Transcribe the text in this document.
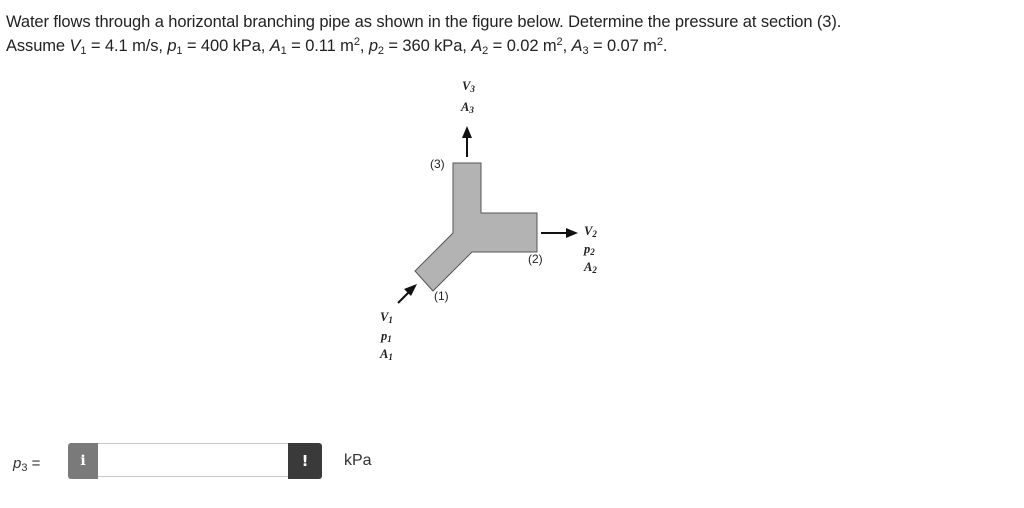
Water flows through a horizontal branching pipe as shown in the figure below. Determine the pressure at section (3).

Assume $V_1 = 4.1$ m/s, $p_1 = 400$ kPa, $A_1 = 0.11$ $m^2$, $p_2 = 360$ kPa, $A_2 = 0.02$ $m^2$, $A_3 = 0.07$ $m^2$.

(3)
(2)
(1)
$V_3$
$A_3$
$V_2$
$p_2$
$A_2$
$V_1$
$p_1$
$A_1$
$p_3$ =	i	! kPa
